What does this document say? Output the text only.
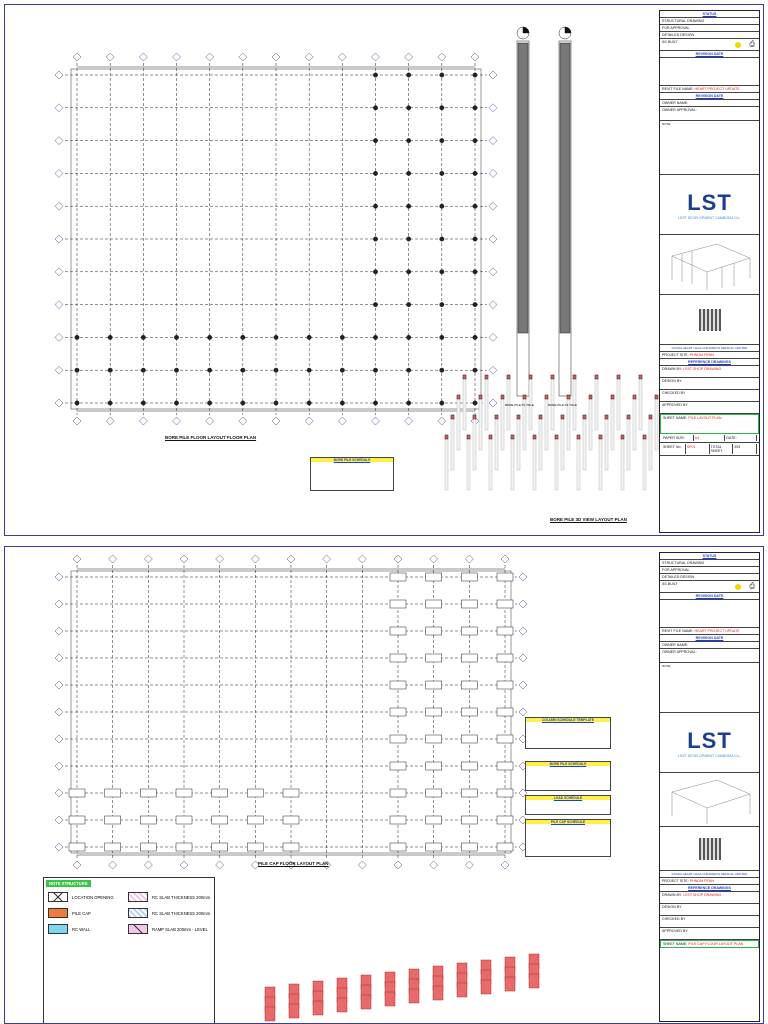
BORE PILE FLOOR LAYOUT FLOOR PLAN
BORE PILE 3D VIEW LAYOUT PLAN
BORE PILE SCHEDULE
BORE PILE P1 TOLE	BORE PILE P2 TOLE
STATUS
STRUCTURAL DRAWING
FOR APPROVAL
DETAILED DESIGN
AS BUILT	⎙
REVISION DATE
REVIT FILE NAME: HEART PROJECT UPDATE
REVISION DATE
OWNER NAME:
OWNER APPROVAL:
NOTE:
LST
LSST DEVELOPMENT CAMBODIA Co.,
KANHA HEART LEGA CHILDREN'S MEDICAL CENTER
PROJECT SITE: PHNOM PENH
REFERENCE DRAWINGS
DRAWN BY: LSST SHOP DRAWING
DESIGN BY
CHECKED BY
APPROVED BY
SHEET NAME: PILE LAYOUT PLAN
PAPER SIZE:	A3	DATE:
SHEET No.	SP01	TOTAL SHEET
203
PILE CAP FLOOR LAYOUT PLAN
COLUMN SCHEDULE TEMPLATE
BORE PILE SCHEDULE
LOAD SCHEDULE
PILE CAP SCHEDULE
NOTE STRUCTURE
LOCATION OPENING
PILE CAP
RC WALL
RC SLAB THICKNESS 200mm
RC SLAB THICKNESS 200mm
RAMP SLAB 200mm - LEVEL
STATUS
STRUCTURAL DRAWING
FOR APPROVAL
DETAILED DESIGN
AS BUILT	⎙
REVISION DATE
REVIT FILE NAME: HEART PROJECT UPDATE
REVISION DATE
OWNER NAME:
OWNER APPROVAL:
NOTE:
LST
LSST DEVELOPMENT CAMBODIA Co.,
KANHA HEART LEGA CHILDREN'S MEDICAL CENTER
PROJECT SITE: PHNOM PENH
REFERENCE DRAWINGS
DRAWN BY: LSST SHOP DRAWING
DESIGN BY
CHECKED BY
APPROVED BY
SHEET NAME: PILE CAP FLOOR LAYOUT PLAN
